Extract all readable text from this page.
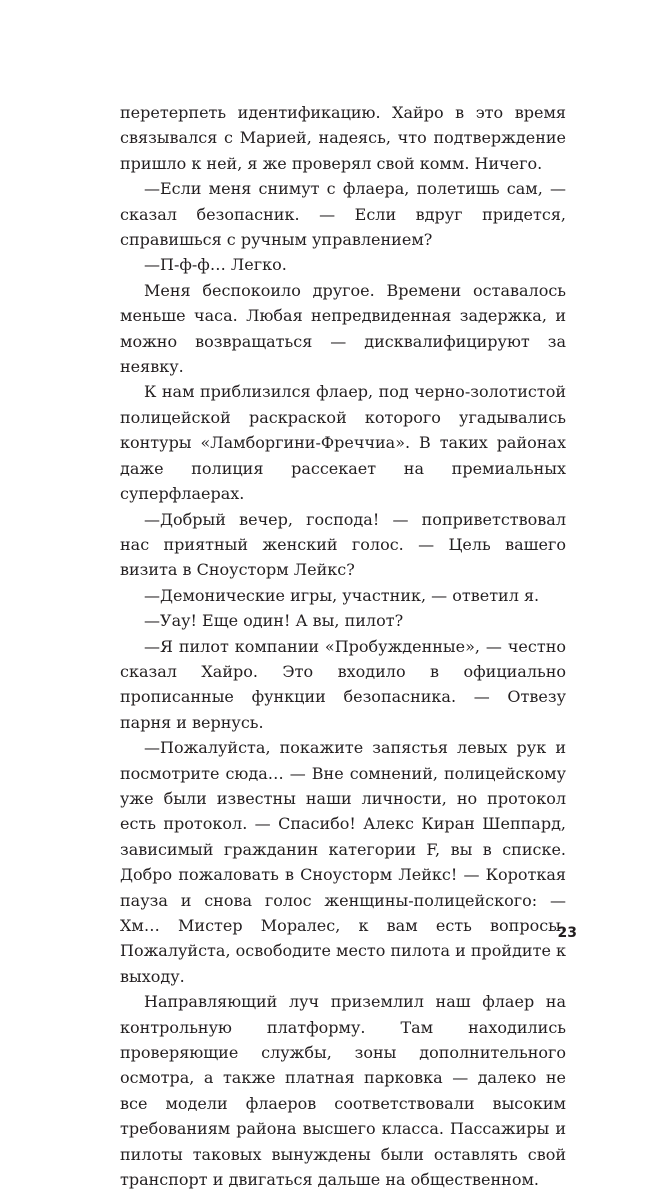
перетерпеть идентификацию. Хайро в это время связывался с Марией, надеясь, что подтверждение пришло к ней, я же проверял свой комм. Ничего.

—Если меня снимут с флаера, полетишь сам, — сказал безопасник. — Если вдруг придется, справишься с ручным управлением?

—П-ф-ф… Легко.

Меня беспокоило другое. Времени оставалось меньше часа. Любая непредвиденная задержка, и можно возвращаться — дисквалифицируют за неявку.

К нам приблизился флаер, под черно-золотистой полицейской раскраской которого угадывались контуры «Ламборгини-Фреччиа». В таких районах даже полиция рассекает на премиальных суперфлаерах.

—Добрый вечер, господа! — поприветствовал нас приятный женский голос. — Цель вашего визита в Сноусторм Лейкс?

—Демонические игры, участник, — ответил я.

—Уау! Еще один! А вы, пилот?

—Я пилот компании «Пробужденные», — честно сказал Хайро. Это входило в официально прописанные функции безопасника. — Отвезу парня и вернусь.

—Пожалуйста, покажите запястья левых рук и посмотрите сюда… — Вне сомнений, полицейскому уже были известны наши личности, но протокол есть протокол. — Спасибо! Алекс Киран Шеппард, зависимый гражданин категории F, вы в списке. Добро пожаловать в Сноусторм Лейкс! — Короткая пауза и снова голос женщины-полицейского: — Хм… Мистер Моралес, к вам есть вопросы. Пожалуйста, освободите место пилота и пройдите к выходу.

Направляющий луч приземлил наш флаер на контрольную платформу. Там находились проверяющие службы, зоны дополнительного осмотра, а также платная парковка — далеко не все модели флаеров соответствовали высоким требованиям района высшего класса. Пассажиры и пилоты таковых вынуждены были оставлять свой транспорт и двигаться дальше на общественном.

23
